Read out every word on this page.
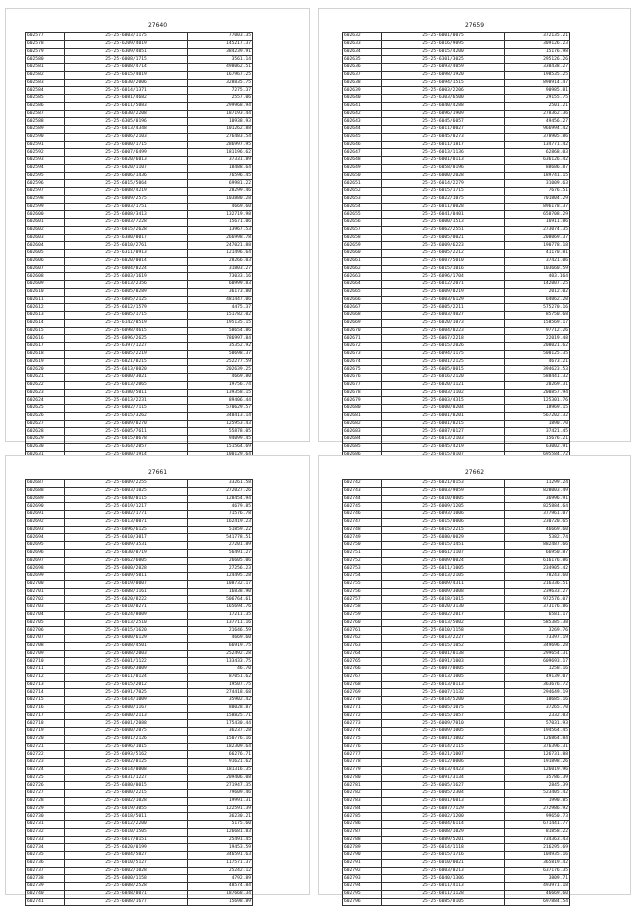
27640
602577	25-25-6003/1175	77003.35
602578	25-25-6209/4019	145217.37
602579	25-25-6309/4051	384239.91
602580	25-25-6008/1715	3561.14
602581	25-25-6008/4714	498062.51
602582	25-25-6015/4019	167967.25
602583	25-25-6030/2006	328835.75
602584	25-25-6014/1371	7275.37
602585	25-25-6081/4682	2557.06
602586	25-25-6011/5083	299968.94
602587	25-25-6030/2208	187193.44
602588	25-25-6305/0196	10938.93
602589	25-25-6013/4348	101262.88
602590	25-25-6006/2103	276483.54
602591	25-25-6000/1715	286997.95
602592	25-25-6007/6499	181196.62
602593	25-25-6020/6013	37331.89
602594	25-25-6020/1107	18488.64
602595	25-25-6006/1436	76596.45
602596	25-25-6015/5064	69981.22
602597	25-25-6008/4219	28299.46
602598	25-25-6009/2575	103880.28
602599	25-25-6003/1751	4669.60
602600	25-25-6008/3413	132719.98
602601	25-25-6003/7228	15671.06
602602	25-25-6015/2628	13967.53
602603	25-25-6380/0017	266998.78
602604	25-25-6010/2761	247021.88
602605	25-25-6311/0913	121496.64
602606	25-25-6020/0014	28266.03
602607	25-25-6004/0224	31803.27
602608	25-25-6003/1619	73033.16
602609	25-25-6013/2356	60999.83
602610	25-25-6005/0289	36173.80
602611	25-25-6005/2125	481447.06
602612	25-25-6012/1579	4475.37
602613	25-25-6005/1715	151782.02
602614	25-25-6142/0519	195135.15
602615	25-25-6098/4615	58654.86
602616	25-25-6096/2625	786997.84
602617	25-25-6397/1227	35352.92
602618	25-25-6005/2219	50698.37
602619	25-25-6021/0215	252277.59
602620	25-25-6013/0020	202639.25
602621	25-25-6000/3021	4669.80
602622	25-25-6013/2065	19756.74
602623	25-25-6380/5011	139358.15
602624	25-25-6013/2231	89406.44
602625	25-25-6002/7115	570629.57
602626	25-25-6015/3262	340413.14
602627	25-25-6009/0270	125953.43
602628	25-25-6005/7611	55878.05
602629	25-25-6015/0678	94099.45
602630	25-25-6364/2057	151564.69

27659
602632	25-25-6001/0075	372135.21
602633	25-25-6016/9095	309126.23
602634	25-25-6015/4200	15176.98
602635	25-25-6301/3025	295126.26
602636	25-25-6093/4059	338438.27
602637	25-25-6098/1920	198535.25
602638	25-25-6094/1515	898914.47
602639	25-25-6003/2206	90985.81
602640	25-25-6303/6500	29155.75
602641	25-25-6040/4288	2501.21
602642	25-25-6096/1909	278362.36
602643	25-25-6045/6057	49456.27
602644	25-25-6011/0027	966994.42
602645	25-25-6045/0273	378905.86
602646	25-25-6011/1817	134771.42
602647	25-25-6013/1136	62868.03
602648	25-25-6001/0113	636126.42
602649	25-25-6058/0196	88686.87
602650	25-25-6000/2028	189741.15
602651	25-25-6014/2279	31009.63
602652	25-25-6015/1715	7676.51
602653	25-25-6022/1075	701804.29
602654	25-25-6011/0028	896178.37
602655	25-25-6041/0401	650708.29
602656	25-25-6000/1513	16911.86
602657	25-25-6062/2551	273074.35
602658	25-25-6005/0021	208069.37
602659	25-25-6009/6223	190778.18
602660	25-25-6005/2212	41170.81
602661	25-25-6007/5010	37421.06
602662	25-25-6015/1016	103660.59
602663	25-25-6096/1704	403.164
602664	25-25-6012/2071	142007.25
602665	25-25-6009/0219	2012.02
602666	25-25-6003/6129	64062.20
602667	25-25-6005/2211	575270.16
602668	25-25-6003/4027	85750.68
602669	25-25-6020/1073	158569.17
602670	25-25-6004/0223	97712.26
602671	25-25-6067/2218	22019.48
602672	25-25-6015/2026	208021.62
602673	25-25-6094/1175	500125.35
602674	25-25-6001/2125	4673.21
602675	25-25-6005/0015	394623.53
602676	25-25-6016/2120	588441.32
602677	25-25-6020/1121	20269.31
602678	25-25-6003/1102	200857.94
602679	25-25-6003/4315	125301.76
602680	25-25-6000/0204	18969.15
602681	25-25-6001/0201	567202.32
602682	25-25-6001/0215	1890.70
602683	25-25-6087/0127	37421.45
602684	25-25-6013/2103	15676.21
602685	25-25-6045/4219	63002.91

27661
602687	25-25-6009/2255	33261.58
602688	25-25-6003/1025	272027.26
602689	25-25-6040/0115	128454.94
602690	25-25-6019/1217	4679.85
602691	25-25-6002/1771	71576.78
602692	25-25-6013/0071	162419.23
602693	25-25-6096/6125	51859.22
602694	25-25-6010/3017	541778.51
602695	25-25-6009/3531	27201.89
602696	25-25-6030/0719	56491.27
602697	25-25-6062/6005	26605.06
602698	25-25-6000/2028	27256.23
602699	25-25-6009/5011	124495.28
602700	25-25-6019/0007	108732.17
602701	25-25-6008/1161	16838.90
602702	25-25-6020/8222	506764.61
602703	25-25-6010/0271	165694.76
602704	25-25-6024/8009	17211.35
602705	25-25-6013/2510	137711.16
602706	25-25-6015/1620	21646.59
602707	25-25-6000/6129	4669.60
602708	25-25-6008/4501	66919.75
602709	25-25-6008/2003	252492.28
602710	25-25-6001/1122	133433.75
602711	25-25-6006/3009	46.70
602712	25-25-6011/0124	87051.62
602713	25-25-6015/2012	19507.75
602714	25-25-6091/7025	274418.68
602715	25-25-6014/1009	35902.42
602716	25-25-6000/1167	80028.87
602717	25-25-6000/2113	158825.71
602718	25-25-6001/2088	175430.44
602719	25-25-6000/2075	36237.28
602720	25-25-6001/2126	150776.16
602721	25-25-6096/1015	182309.64
602722	25-25-6093/5162	66276.71
602723	25-25-6002/0125	91621.62
602724	25-25-6014/0008	181316.35
602725	25-25-6031/1227	209406.08
602726	25-25-6080/0015	271947.35
602727	25-25-6000/2215	79609.46
602728	25-25-6002/1028	19991.31
602729	25-25-6019/3055	122591.39
602730	25-25-6018/5011	36230.21
602731	25-25-6012/2200	5175.60
602732	25-25-6010/1505	126681.83
602733	25-25-6017/0151	25491.45
602734	25-25-6020/0199	19453.59
602735	25-25-6004/5027	346591.63
602736	25-25-6010/5127	117571.37
602737	25-25-6002/1028	25242.12
602738	25-25-6000/1158	4792.89
602739	25-25-6008/2528	48574.84
602740	25-25-6048/0071	187668.34
602741	25-25-6008/1677	15698.89
27662
602742	25-25-6021/0153	11299.24
602743	25-25-6003/9059	828003.49
602744	25-25-6010/8005	36996.91
602745	25-25-6009/1205	825884.64
602746	25-25-6093/1006	377961.07
602747	25-25-6015/0006	230720.65
602748	25-25-6015/2215	46669.60
602749	25-25-6080/0029	5382.74
602750	25-25-6015/1451	882487.66
602751	25-25-6061/1107	66950.87
602752	25-25-6009/0024	616176.86
602753	25-25-6011/1005	234905.42
602754	25-25-6013/2105	78243.60
602755	25-25-6009/4311	216336.51
602756	25-25-6009/3008	239633.27
602757	25-25-6018/1015	972576.07
602758	25-25-6020/3130	373176.86
602759	25-25-6002/2017	6581.17
602760	25-25-6013/5002	585385.38
602761	25-25-6010/1158	3269.76
602762	25-25-6013/2227	73397.19
602763	25-25-6015/1052	349696.28
602764	25-25-6001/0138	299654.31
602765	25-25-6091/1003	609693.17
602766	25-25-6007/0005	1258.16
602767	25-25-6013/1005	49139.07
602768	25-25-6013/0113	363676.72
602769	25-25-6007/1132	294649.19
602770	25-25-6014/5200	10685.16
602771	25-25-6005/1075	37265.70
602772	25-25-6015/1057	2332.03
602773	25-25-6009/7010	57031.93
602774	25-25-6009/1005	194564.45
602775	25-25-6001/1002	126864.84
602776	25-25-6014/2115	376396.31
602777	25-25-6021/1007	126731.88
602778	25-25-6012/0006	191898.26
602779	25-25-6013/4423	126019.96
602780	25-25-6091/3134	35786.39
602781	25-25-6005/1627	2845.39
602782	25-25-6005/2304	523405.42
602783	25-25-6001/6013	1990.85
602784	25-25-6087/7129	272986.92
602785	25-25-6002/1200	99650.73
602786	25-25-6004/6114	671441.77
602787	25-25-6008/1029	81858.22
602788	25-25-6089/5201	734363.43
602789	25-25-6014/1118	216295.69
602790	25-25-6015/1716	104935.16
602791	25-25-6010/0021	365819.42
602792	25-25-6003/0213	637176.35
602793	25-25-6040/1306	3809.71
602794	25-25-6011/4113	493971.18
602795	25-25-6011/1128	46669.60
602796	25-25-6085/0105	697884.54
